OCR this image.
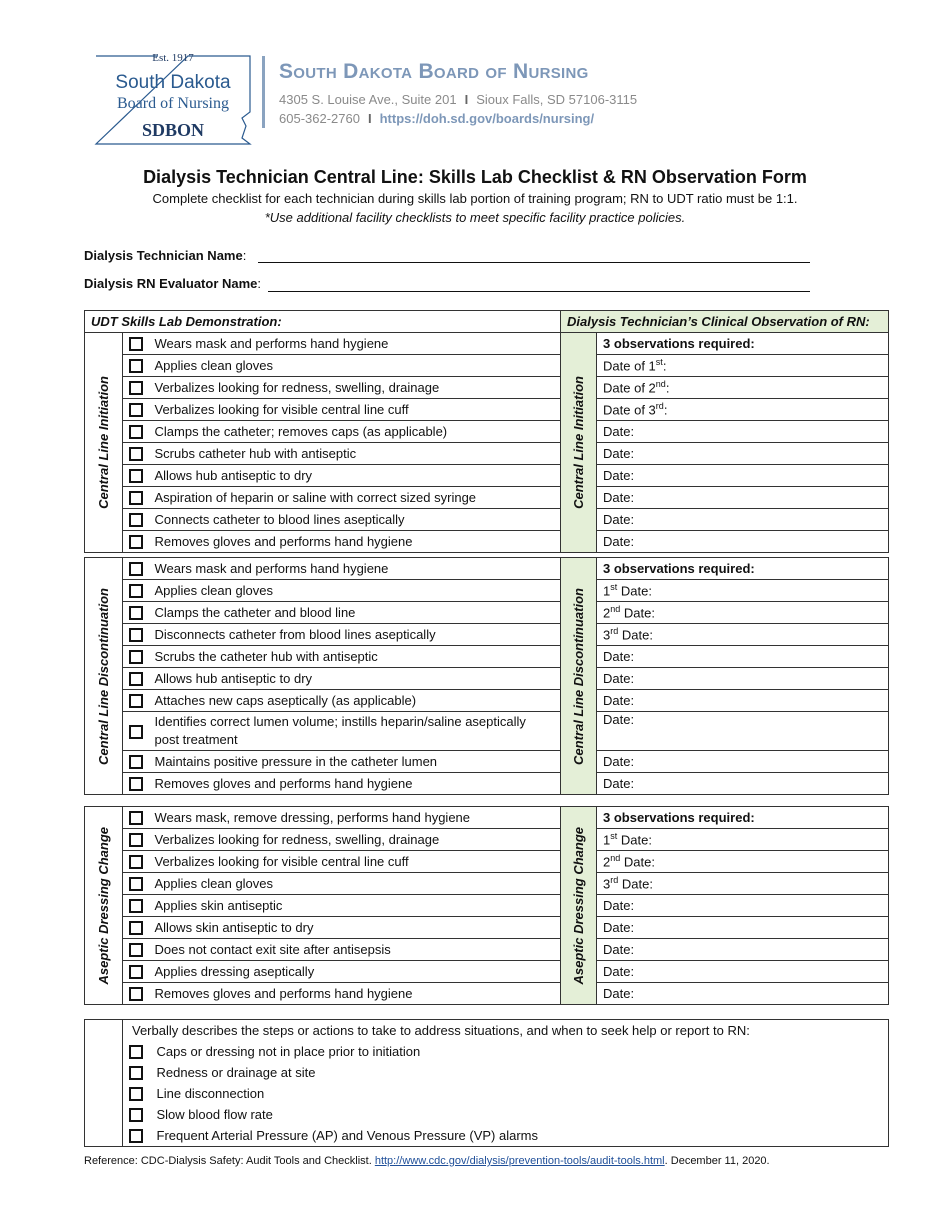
Est. 1917
South Dakota
Board of Nursing
SDBON
South Dakota Board of Nursing
4305 S. Louise Ave., Suite 201 I Sioux Falls, SD 57106-3115
605-362-2760 I https://doh.sd.gov/boards/nursing/
Dialysis Technician Central Line: Skills Lab Checklist & RN Observation Form
Complete checklist for each technician during skills lab portion of training program; RN to UDT ratio must be 1:1.
*Use additional facility checklists to meet specific facility practice policies.
Dialysis Technician Name:
Dialysis RN Evaluator Name:
UDT Skills Lab Demonstration:			Dialysis Technician’s Clinical Observation of RN:	

Central Line Initiation		Wears mask and performs hand hygiene	Central Line Initiation	3 observations required:
		Applies clean gloves		Date of 1st:
		Verbalizes looking for redness, swelling, drainage		Date of 2nd:
		Verbalizes looking for visible central line cuff		Date of 3rd:
		Clamps the catheter; removes caps (as applicable)		Date:
		Scrubs catheter hub with antiseptic		Date:
		Allows hub antiseptic to dry		Date:
		Aspiration of heparin or saline with correct sized syringe		Date:
		Connects catheter to blood lines aseptically		Date:
		Removes gloves and performs hand hygiene		Date:
Central Line Discontinuation		Wears mask and performs hand hygiene	Central Line Discontinuation	3 observations required:
		Applies clean gloves		1st Date:
		Clamps the catheter and blood line		2nd Date:
		Disconnects catheter from blood lines aseptically		3rd Date:
		Scrubs the catheter hub with antiseptic		Date:
		Allows hub antiseptic to dry		Date:
		Attaches new caps aseptically (as applicable)		Date:
		Identifies correct lumen volume; instills heparin/saline aseptically post treatment		Date:
		Maintains positive pressure in the catheter lumen		Date:
		Removes gloves and performs hand hygiene		Date:
Aseptic Dressing Change		Wears mask, remove dressing, performs hand hygiene	Aseptic Dressing Change	3 observations required:
		Verbalizes looking for redness, swelling, drainage		1st Date:
		Verbalizes looking for visible central line cuff		2nd Date:
		Applies clean gloves		3rd Date:
		Applies skin antiseptic		Date:
		Allows skin antiseptic to dry		Date:
		Does not contact exit site after antisepsis		Date:
		Applies dressing aseptically		Date:
		Removes gloves and performs hand hygiene		Date:
Complications	Verbally describes the steps or actions to take to address situations, and when to seek help or report to RN:	
		Caps or dressing not in place prior to initiation
		Redness or drainage at site
		Line disconnection
		Slow blood flow rate
		Frequent Arterial Pressure (AP) and Venous Pressure (VP) alarms
Reference: CDC-Dialysis Safety: Audit Tools and Checklist. http://www.cdc.gov/dialysis/prevention-tools/audit-tools.html. December 11, 2020.
